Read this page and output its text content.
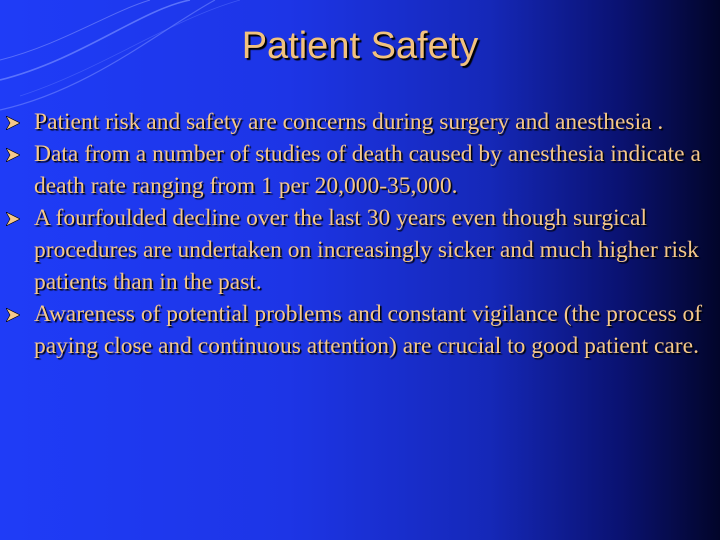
Patient Safety
Patient risk and safety are concerns during surgery and anesthesia .
Data from a number of studies of death caused by anesthesia indicate a death rate ranging from 1 per 20,000-35,000.
A fourfoulded decline over the last 30 years even though surgical procedures are undertaken on increasingly sicker and much higher risk patients than in the past.
Awareness of potential problems and constant vigilance (the process of paying close and continuous attention) are crucial to good patient care.
